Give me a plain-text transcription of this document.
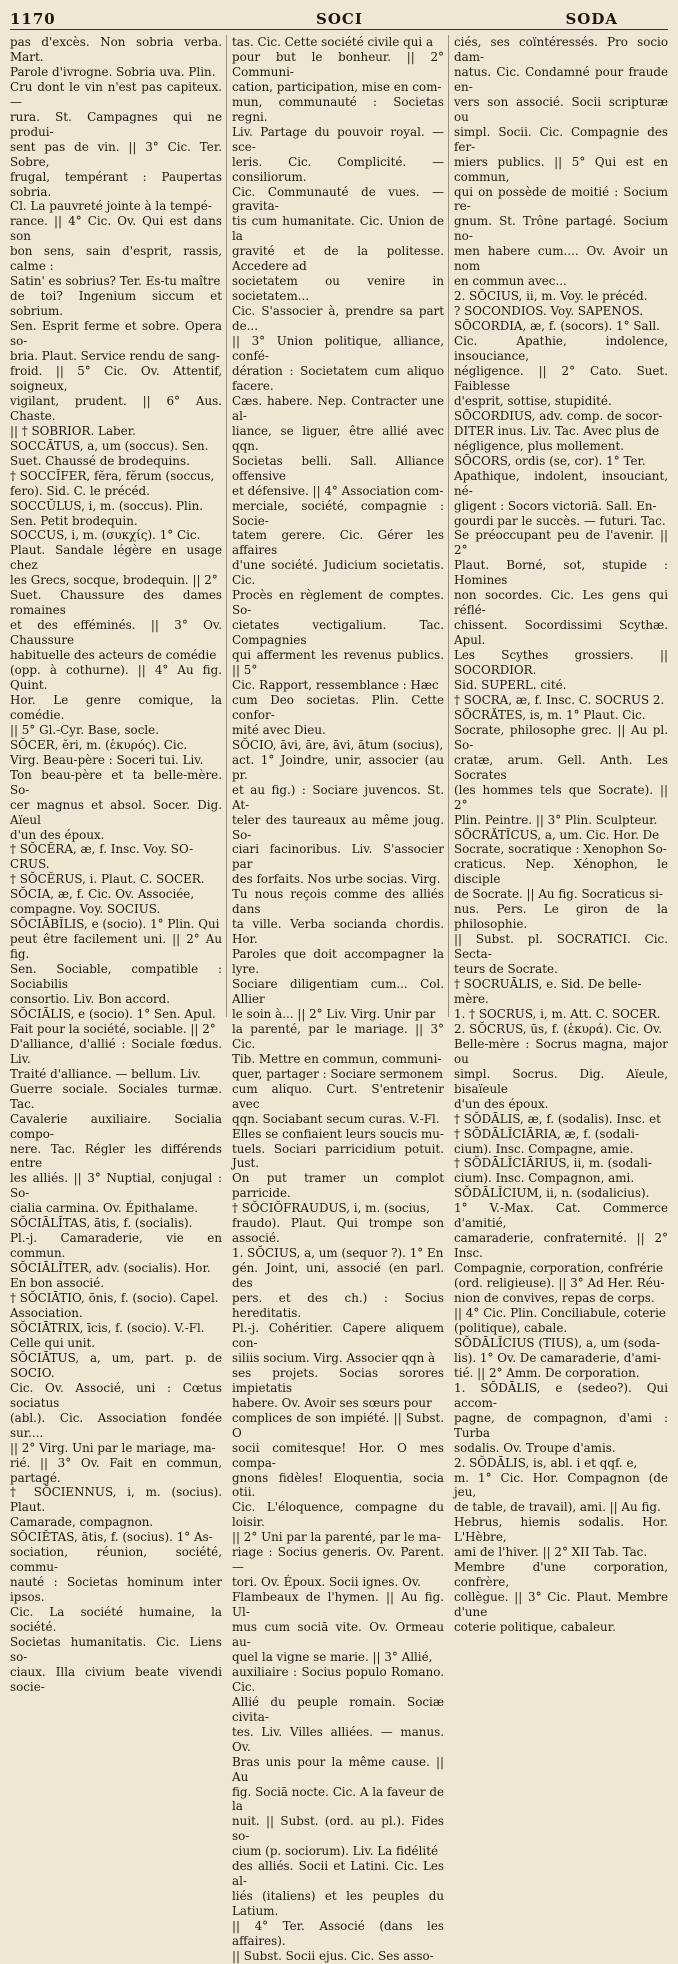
1170	SOCI	SODA

pas d'excès. Non sobria verba. Mart.

Parole d'ivrogne. Sobria uva. Plin.

Cru dont le vin n'est pas capiteux. —

rura. St. Campagnes qui ne produi-

sent pas de vin. || 3° Cic. Ter. Sobre,

frugal, tempérant : Paupertas sobria.

Cl. La pauvreté jointe à la tempé-

rance. || 4° Cic. Ov. Qui est dans son

bon sens, sain d'esprit, rassis, calme :

Satin' es sobrius? Ter. Es-tu maître

de toi? Ingenium siccum et sobrium.

Sen. Esprit ferme et sobre. Opera so-

bria. Plaut. Service rendu de sang-

froid. || 5° Cic. Ov. Attentif, soigneux,

vigilant, prudent. || 6° Aus. Chaste.

|| † SOBRIOR. Laber.

SOCCĀTUS, a, um (soccus). Sen.

Suet. Chaussé de brodequins.

† SOCCĬFER, fĕra, fĕrum (soccus,

fero). Sid. C. le précéd.

SOCCŬLUS, i, m. (soccus). Plin.

Sen. Petit brodequin.

SOCCUS, i, m. (συκχίς). 1° Cic.

Plaut. Sandale légère en usage chez

les Grecs, socque, brodequin. || 2°

Suet. Chaussure des dames romaines

et des efféminés. || 3° Ov. Chaussure

habituelle des acteurs de comédie

(opp. à cothurne). || 4° Au fig. Quint.

Hor. Le genre comique, la comédie.

|| 5° Gl.-Cyr. Base, socle.

SŎCER, ĕri, m. (ἑκυρός). Cic.

Virg. Beau-père : Soceri tui. Liv.

Ton beau-père et ta belle-mère. So-

cer magnus et absol. Socer. Dig. Aïeul

d'un des époux.

† SŎCĔRA, æ, f. Insc. Voy. SO-

CRUS.

† SŎCĔRUS, i. Plaut. C. SOCER.

SŎCIA, æ, f. Cic. Ov. Associée,

compagne. Voy. SOCIUS.

SŎCIĀBĬLIS, e (socio). 1° Plin. Qui

peut être facilement uni. || 2° Au fig.

Sen. Sociable, compatible : Sociabilis

consortio. Liv. Bon accord.

SŎCIĀLIS, e (socio). 1° Sen. Apul.

Fait pour la société, sociable. || 2°

D'alliance, d'allié : Sociale fœdus. Liv.

Traité d'alliance. — bellum. Liv.

Guerre sociale. Sociales turmæ. Tac.

Cavalerie auxiliaire. Socialia compo-

nere. Tac. Régler les différends entre

les alliés. || 3° Nuptial, conjugal : So-

cialia carmina. Ov. Épithalame.

SŎCIĀLĬTAS, ātis, f. (socialis).

Pl.-j. Camaraderie, vie en commun.

SŎCIĀLĬTER, adv. (socialis). Hor.

En bon associé.

† SŎCIĀTIO, ōnis, f. (socio). Capel.

Association.

SŎCIĀTRIX, īcis, f. (socio). V.-Fl.

Celle qui unit.

SŎCIĀTUS, a, um, part. p. de SOCIO.

Cic. Ov. Associé, uni : Cœtus sociatus

(abl.). Cic. Association fondée sur....

|| 2° Virg. Uni par le mariage, ma-

rié. || 3° Ov. Fait en commun, partagé.

† SŎCIENNUS, i, m. (socius). Plaut.

Camarade, compagnon.

SŎCIĔTAS, ātis, f. (socius). 1° As-

sociation, réunion, société, commu-

nauté : Societas hominum inter ipsos.

Cic. La société humaine, la société.

Societas humanitatis. Cic. Liens so-

ciaux. Illa civium beate vivendi socie-

tas. Cic. Cette société civile qui a

pour but le bonheur. || 2° Communi-

cation, participation, mise en com-

mun, communauté : Societas regni.

Liv. Partage du pouvoir royal. — sce-

leris. Cic. Complicité. — consiliorum.

Cic. Communauté de vues. — gravita-

tis cum humanitate. Cic. Union de la

gravité et de la politesse. Accedere ad

societatem ou venire in societatem...

Cic. S'associer à, prendre sa part de...

|| 3° Union politique, alliance, confé-

dération : Societatem cum aliquo facere.

Cæs. habere. Nep. Contracter une al-

liance, se liguer, être allié avec qqn.

Societas belli. Sall. Alliance offensive

et défensive. || 4° Association com-

merciale, société, compagnie : Socie-

tatem gerere. Cic. Gérer les affaires

d'une société. Judicium societatis. Cic.

Procès en règlement de comptes. So-

cietates vectigalium. Tac. Compagnies

qui afferment les revenus publics. || 5°

Cic. Rapport, ressemblance : Hæc

cum Deo societas. Plin. Cette confor-

mité avec Dieu.

SŎCIO, āvi, āre, āvi, ātum (socius),

act. 1° Joindre, unir, associer (au pr.

et au fig.) : Sociare juvencos. St. At-

teler des taureaux au même joug. So-

ciari facinoribus. Liv. S'associer par

des forfaits. Nos urbe socias. Virg.

Tu nous reçois comme des alliés dans

ta ville. Verba socianda chordis. Hor.

Paroles que doit accompagner la lyre.

Sociare diligentiam cum... Col. Allier

le soin à... || 2° Liv. Virg. Unir par

la parenté, par le mariage. || 3° Cic.

Tib. Mettre en commun, communi-

quer, partager : Sociare sermonem

cum aliquo. Curt. S'entretenir avec

qqn. Sociabant secum curas. V.-Fl.

Elles se confiaient leurs soucis mu-

tuels. Sociari parricidium potuit. Just.

On put tramer un complot parricide.

† SŎCIŎFRAUDUS, i, m. (socius,

fraudo). Plaut. Qui trompe son associé.

1. SŎCIUS, a, um (sequor ?). 1° En

gén. Joint, uni, associé (en parl. des

pers. et des ch.) : Socius hereditatis.

Pl.-j. Cohéritier. Capere aliquem con-

siliis socium. Virg. Associer qqn à

ses projets. Socias sorores impietatis

habere. Ov. Avoir ses sœurs pour

complices de son impiété. || Subst. O

socii comitesque! Hor. O mes compa-

gnons fidèles! Eloquentia, socia otii.

Cic. L'éloquence, compagne du loisir.

|| 2° Uni par la parenté, par le ma-

riage : Socius generis. Ov. Parent. —

tori. Ov. Époux. Socii ignes. Ov.

Flambeaux de l'hymen. || Au fig. Ul-

mus cum sociā vite. Ov. Ormeau au-

quel la vigne se marie. || 3° Allié,

auxiliaire : Socius populo Romano. Cic.

Allié du peuple romain. Sociæ civita-

tes. Liv. Villes alliées. — manus. Ov.

Bras unis pour la même cause. || Au

fig. Sociā nocte. Cic. A la faveur de la

nuit. || Subst. (ord. au pl.). Fides so-

cium (p. sociorum). Liv. La fidélité

des alliés. Socii et Latini. Cic. Les al-

liés (italiens) et les peuples du Latium.

|| 4° Ter. Associé (dans les affaires).

|| Subst. Socii ejus. Cic. Ses asso-

ciés, ses coïntéressés. Pro socio dam-

natus. Cic. Condamné pour fraude en-

vers son associé. Socii scripturæ ou

simpl. Socii. Cic. Compagnie des fer-

miers publics. || 5° Qui est en commun,

qui on possède de moitié : Socium re-

gnum. St. Trône partagé. Socium no-

men habere cum.... Ov. Avoir un nom

en commun avec...

2. SŎCIUS, ii, m. Voy. le précéd.

? SOCONDIOS. Voy. SAPENOS.

SŌCORDIA, æ, f. (socors). 1° Sall.

Cic. Apathie, indolence, insouciance,

négligence. || 2° Cato. Suet. Faiblesse

d'esprit, sottise, stupidité.

SŌCORDIUS, adv. comp. de socor-

DITER inus. Liv. Tac. Avec plus de

négligence, plus mollement.

SŌCORS, ordis (se, cor). 1° Ter.

Apathique, indolent, insouciant, né-

gligent : Socors victoriā. Sall. En-

gourdi par le succès. — futuri. Tac.

Se préoccupant peu de l'avenir. || 2°

Plaut. Borné, sot, stupide : Homines

non socordes. Cic. Les gens qui réflé-

chissent. Socordissimi Scythæ. Apul.

Les Scythes grossiers. || SOCORDIOR.

Sid. SUPERL. cité.

† SOCRA, æ, f. Insc. C. SOCRUS 2.

SŌCRĂTES, is, m. 1° Plaut. Cic.

Socrate, philosophe grec. || Au pl. So-

cratæ, arum. Gell. Anth. Les Socrates

(les hommes tels que Socrate). || 2°

Plin. Peintre. || 3° Plin. Sculpteur.

SŌCRĂTĬCUS, a, um. Cic. Hor. De

Socrate, socratique : Xenophon So-

craticus. Nep. Xénophon, le disciple

de Socrate. || Au fig. Socraticus si-

nus. Pers. Le giron de la philosophie.

|| Subst. pl. SOCRATICI. Cic. Secta-

teurs de Socrate.

† SOCRUĀLIS, e. Sid. De belle-

mère.

1. † SOCRUS, i, m. Att. C. SOCER.

2. SŎCRUS, ūs, f. (ἑκυρά). Cic. Ov.

Belle-mère : Socrus magna, major ou

simpl. Socrus. Dig. Aïeule, bisaïeule

d'un des époux.

† SŎDĀLIS, æ, f. (sodalis). Insc. et

† SŎDĀLĬCIĀRIA, æ, f. (sodali-

cium). Insc. Compagne, amie.

† SŎDĀLĬCIĀRIUS, ii, m. (sodali-

cium). Insc. Compagnon, ami.

SŎDĀLĬCIUM, ii, n. (sodalicius).

1° V.-Max. Cat. Commerce d'amitié,

camaraderie, confraternité. || 2° Insc.

Compagnie, corporation, confrérie

(ord. religieuse). || 3° Ad Her. Réu-

nion de convives, repas de corps.

|| 4° Cic. Plin. Conciliabule, coterie

(politique), cabale.

SŎDĀLĬCIUS (TIUS), a, um (soda-

lis). 1° Ov. De camaraderie, d'ami-

tié. || 2° Amm. De corporation.

1. SŎDĀLIS, e (sedeo?). Qui accom-

pagne, de compagnon, d'ami : Turba

sodalis. Ov. Troupe d'amis.

2. SŎDĀLIS, is, abl. i et qqf. e,

m. 1° Cic. Hor. Compagnon (de jeu,

de table, de travail), ami. || Au fig.

Hebrus, hiemis sodalis. Hor. L'Hèbre,

ami de l'hiver. || 2° XII Tab. Tac.

Membre d'une corporation, confrère,

collègue. || 3° Cic. Plaut. Membre d'une

coterie politique, cabaleur.
